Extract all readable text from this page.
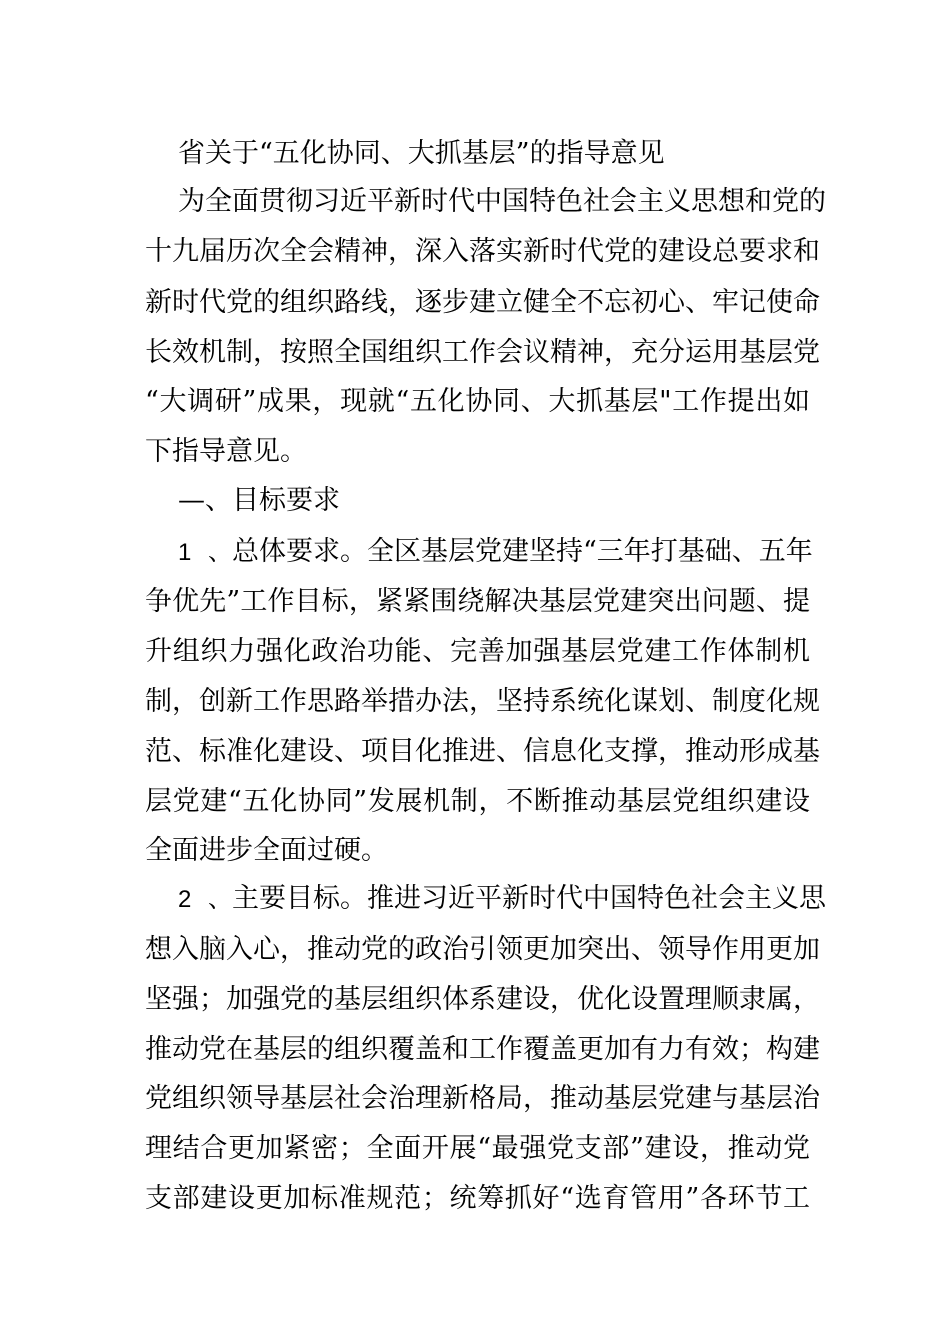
省关于“五化协同、大抓基层”的指导意见
为全面贯彻习近平新时代中国特色社会主义思想和党的
十九届历次全会精神，深入落实新时代党的建设总要求和
新时代党的组织路线，逐步建立健全不忘初心、牢记使命
长效机制，按照全国组织工作会议精神，充分运用基层党
“大调研”成果，现就“五化协同、大抓基层"工作提出如
下指导意见。
—、目标要求
1、总体要求。全区基层党建坚持“三年打基础、五年
争优先”工作目标，紧紧围绕解决基层党建突出问题、提
升组织力强化政治功能、完善加强基层党建工作体制机
制，创新工作思路举措办法，坚持系统化谋划、制度化规
范、标准化建设、项目化推进、信息化支撑，推动形成基
层党建“五化协同”发展机制，不断推动基层党组织建设
全面进步全面过硬。
2、主要目标。推进习近平新时代中国特色社会主义思
想入脑入心，推动党的政治引领更加突出、领导作用更加
坚强；加强党的基层组织体系建设，优化设置理顺隶属，
推动党在基层的组织覆盖和工作覆盖更加有力有效；构建
党组织领导基层社会治理新格局，推动基层党建与基层治
理结合更加紧密；全面开展“最强党支部”建设，推动党
支部建设更加标准规范；统筹抓好“选育管用”各环节工
